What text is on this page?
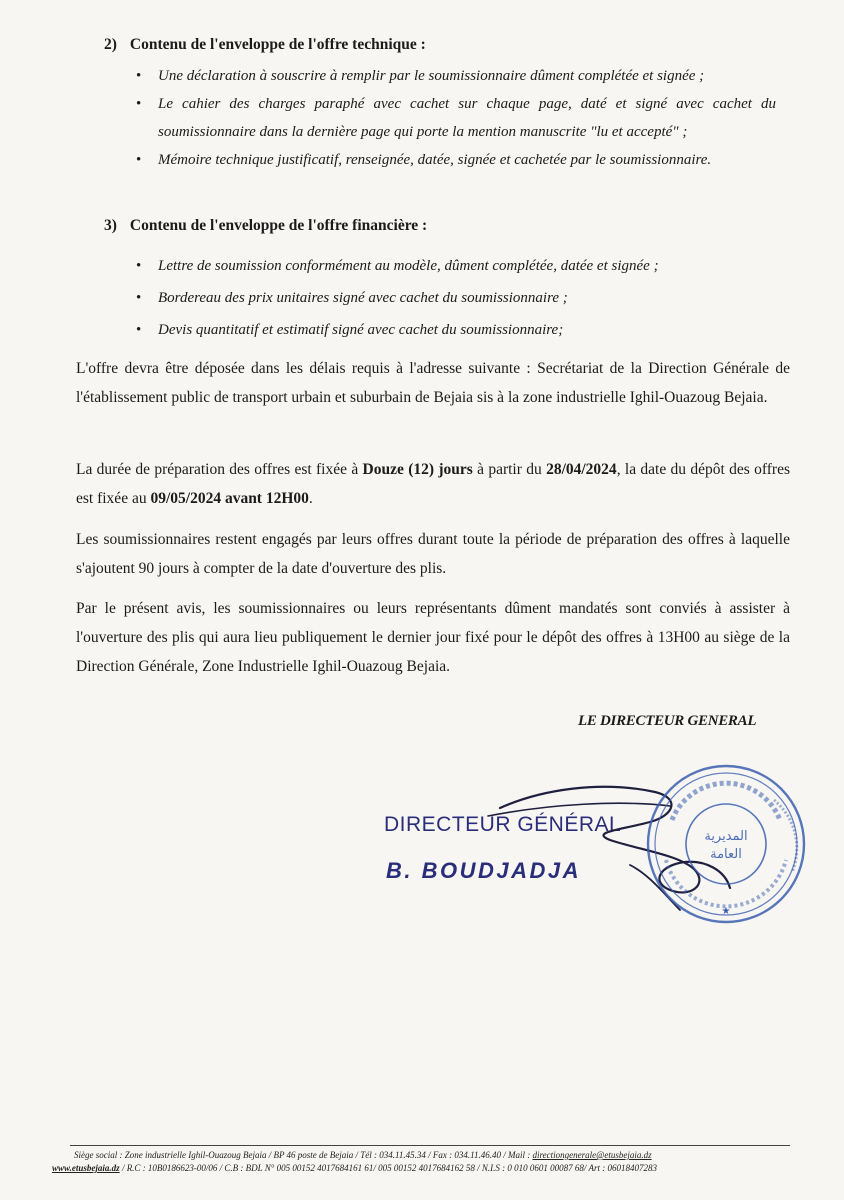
2) Contenu de l'enveloppe de l'offre technique :
• Une déclaration à souscrire à remplir par le soumissionnaire dûment complétée et signée ;
• Le cahier des charges paraphé avec cachet sur chaque page, daté et signé avec cachet du soumissionnaire dans la dernière page qui porte la mention manuscrite "lu et accepté" ;
• Mémoire technique justificatif, renseignée, datée, signée et cachetée par le soumissionnaire.
3) Contenu de l'enveloppe de l'offre financière :
• Lettre de soumission conformément au modèle, dûment complétée, datée et signée ;
• Bordereau des prix unitaires signé avec cachet du soumissionnaire ;
• Devis quantitatif et estimatif signé avec cachet du soumissionnaire;

L'offre devra être déposée dans les délais requis à l'adresse suivante : Secrétariat de la Direction Générale de l'établissement public de transport urbain et suburbain de Bejaia sis à la zone industrielle Ighil-Ouazoug Bejaia.

La durée de préparation des offres est fixée à Douze (12) jours à partir du 28/04/2024, la date du dépôt des offres est fixée au 09/05/2024 avant 12H00.

Les soumissionnaires restent engagés par leurs offres durant toute la période de préparation des offres à laquelle s'ajoutent 90 jours à compter de la date d'ouverture des plis.

Par le présent avis, les soumissionnaires ou leurs représentants dûment mandatés sont conviés à assister à l'ouverture des plis qui aura lieu publiquement le dernier jour fixé pour le dépôt des offres à 13H00 au siège de la Direction Générale, Zone Industrielle Ighil-Ouazoug Bejaia.

LE DIRECTEUR GENERAL
DIRECTEUR GÉNÉRAL
B. BOUDJADJA
المديرية
العامة
★
Siège social : Zone industrielle Ighil-Ouazoug Bejaia / BP 46 poste de Bejaia / Tél : 034.11.45.34 / Fax : 034.11.46.40 / Mail : directiongenerale@etusbejaia.dz
www.etusbejaia.dz / R.C : 10B0186623-00/06 / C.B : BDL N° 005 00152 4017684161 61/ 005 00152 4017684162 58 / N.I.S : 0 010 0601 00087 68/ Art : 06018407283
